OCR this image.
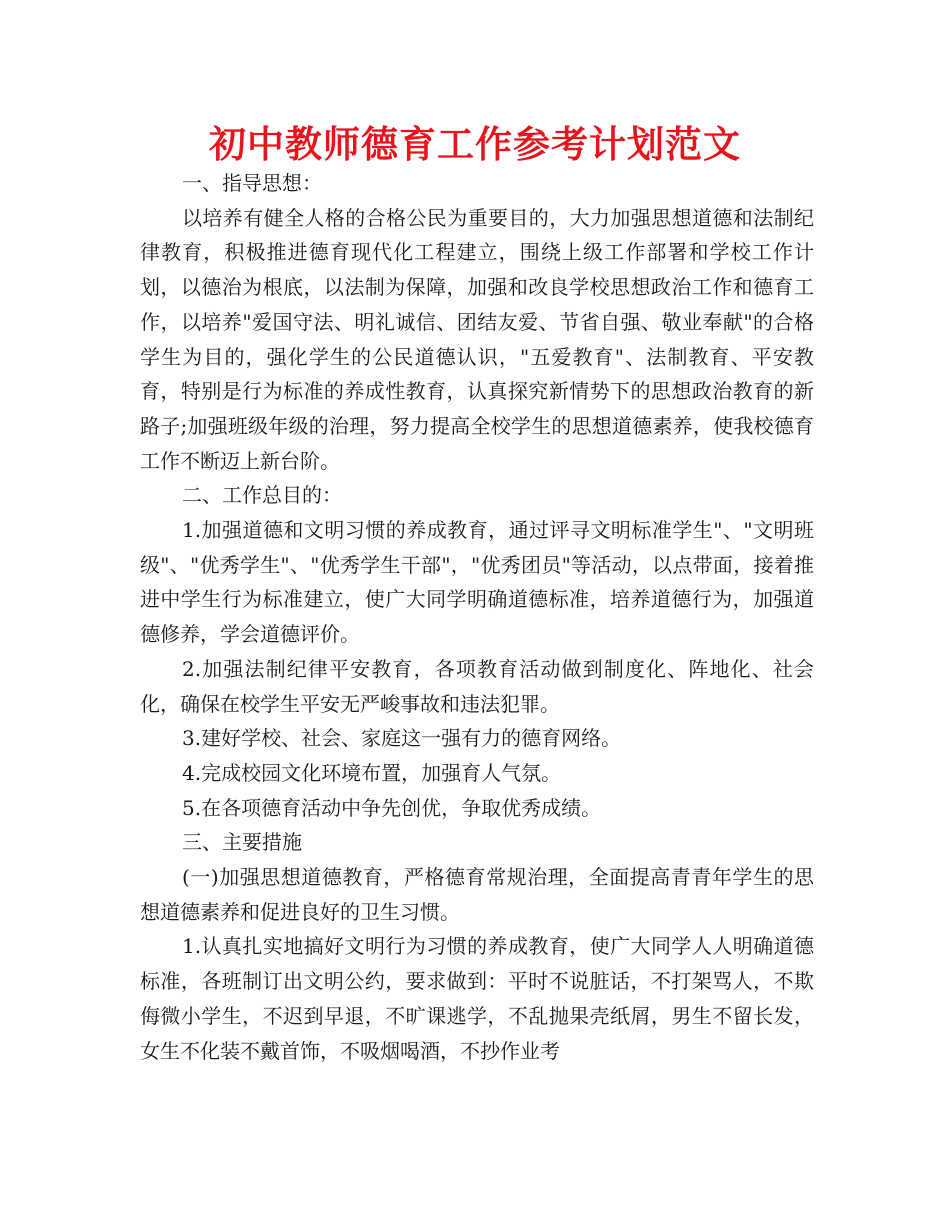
初中教师德育工作参考计划范文

一、指导思想：

以培养有健全人格的合格公民为重要目的，大力加强思想道德和法制纪律教育，积极推进德育现代化工程建立，围绕上级工作部署和学校工作计划，以德治为根底，以法制为保障，加强和改良学校思想政治工作和德育工作，以培养"爱国守法、明礼诚信、团结友爱、节省自强、敬业奉献"的合格学生为目的，强化学生的公民道德认识，"五爱教育"、法制教育、平安教育，特别是行为标准的养成性教育，认真探究新情势下的思想政治教育的新路子;加强班级年级的治理，努力提高全校学生的思想道德素养，使我校德育工作不断迈上新台阶。

二、工作总目的：

1.加强道德和文明习惯的养成教育，通过评寻文明标准学生"、"文明班级"、"优秀学生"、"优秀学生干部"，"优秀团员"等活动，以点带面，接着推进中学生行为标准建立，使广大同学明确道德标准，培养道德行为，加强道德修养，学会道德评价。

2.加强法制纪律平安教育，各项教育活动做到制度化、阵地化、社会化，确保在校学生平安无严峻事故和违法犯罪。

3.建好学校、社会、家庭这一强有力的德育网络。

4.完成校园文化环境布置，加强育人气氛。

5.在各项德育活动中争先创优，争取优秀成绩。

三、主要措施

(一)加强思想道德教育，严格德育常规治理，全面提高青青年学生的思想道德素养和促进良好的卫生习惯。

1.认真扎实地搞好文明行为习惯的养成教育，使广大同学人人明确道德标准，各班制订出文明公约，要求做到：平时不说脏话，不打架骂人，不欺侮微小学生，不迟到早退，不旷课逃学，不乱抛果壳纸屑，男生不留长发，女生不化装不戴首饰，不吸烟喝酒，不抄作业考
